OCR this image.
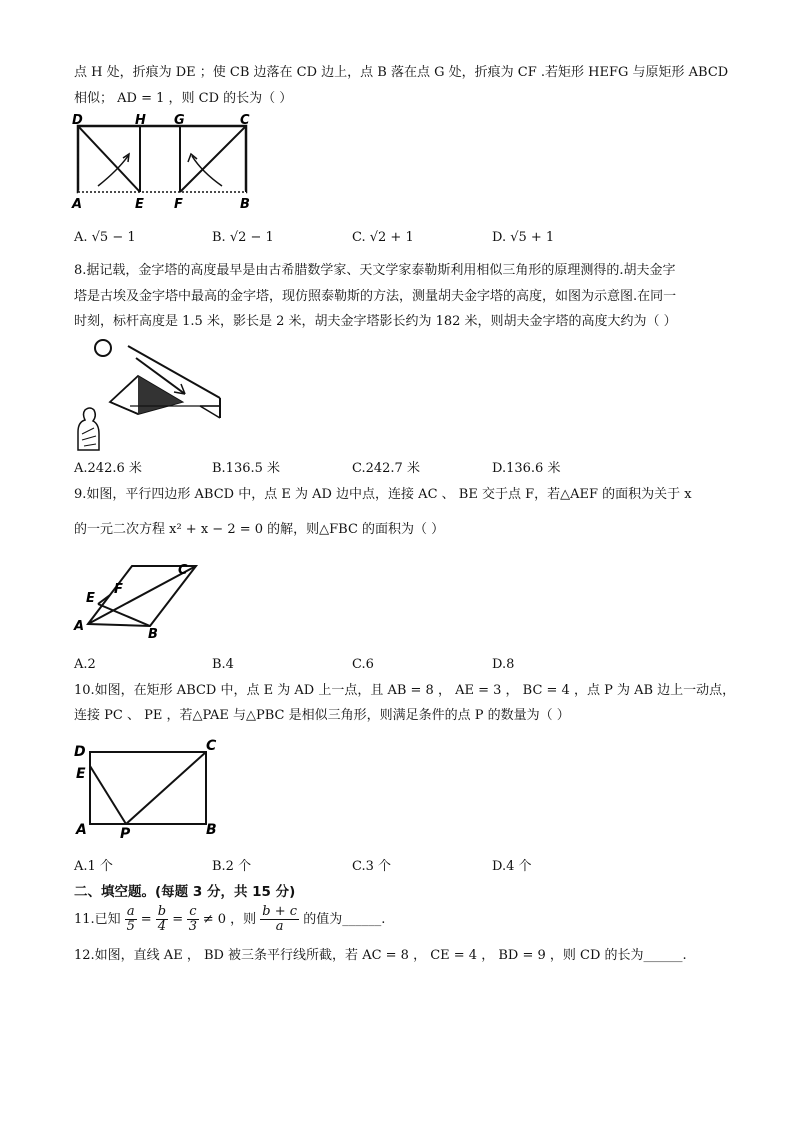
点 H 处，折痕为 DE ；使 CB 边落在 CD 边上，点 B 落在点 G 处，折痕为 CF .若矩形 HEFG 与原矩形 ABCD
相似； AD = 1 ，则 CD 的长为（ ）
D	H G	C
A	E F	B
A. √5 − 1	B. √2 − 1	C. √2 + 1	D. √5 + 1
8.据记载，金字塔的高度最早是由古希腊数学家、天文学家泰勒斯利用相似三角形的原理测得的.胡夫金字
塔是古埃及金字塔中最高的金字塔，现仿照泰勒斯的方法，测量胡夫金字塔的高度，如图为示意图.在同一
时刻，标杆高度是 1.5 米，影长是 2 米，胡夫金字塔影长约为 182 米，则胡夫金字塔的高度大约为（ ）
A.242.6 米	B.136.5 米	C.242.7 米	D.136.6 米
9.如图，平行四边形 ABCD 中，点 E 为 AD 边中点，连接 AC 、 BE 交于点 F，若△AEF 的面积为关于 x
的一元二次方程 x² + x − 2 = 0 的解，则△FBC 的面积为（ ）
C
F
E
A
B
A.2	B.4	C.6	D.8
10.如图，在矩形 ABCD 中，点 E 为 AD 上一点，且 AB = 8 ， AE = 3 ， BC = 4 ，点 P 为 AB 边上一动点，
连接 PC 、 PE ，若△PAE 与△PBC 是相似三角形，则满足条件的点 P 的数量为（ ）
D	C
E
A P	B
A.1 个	B.2 个	C.3 个	D.4 个
二、填空题。(每题 3 分，共 15 分)
11.已知 $\frac{a}{5} = \frac{b}{4} = \frac{c}{3} \ne 0$ ，则 $\frac{b + c}{a}$ 的值为______.
12.如图，直线 AE ， BD 被三条平行线所截，若 AC = 8 ， CE = 4 ， BD = 9 ，则 CD 的长为______.
